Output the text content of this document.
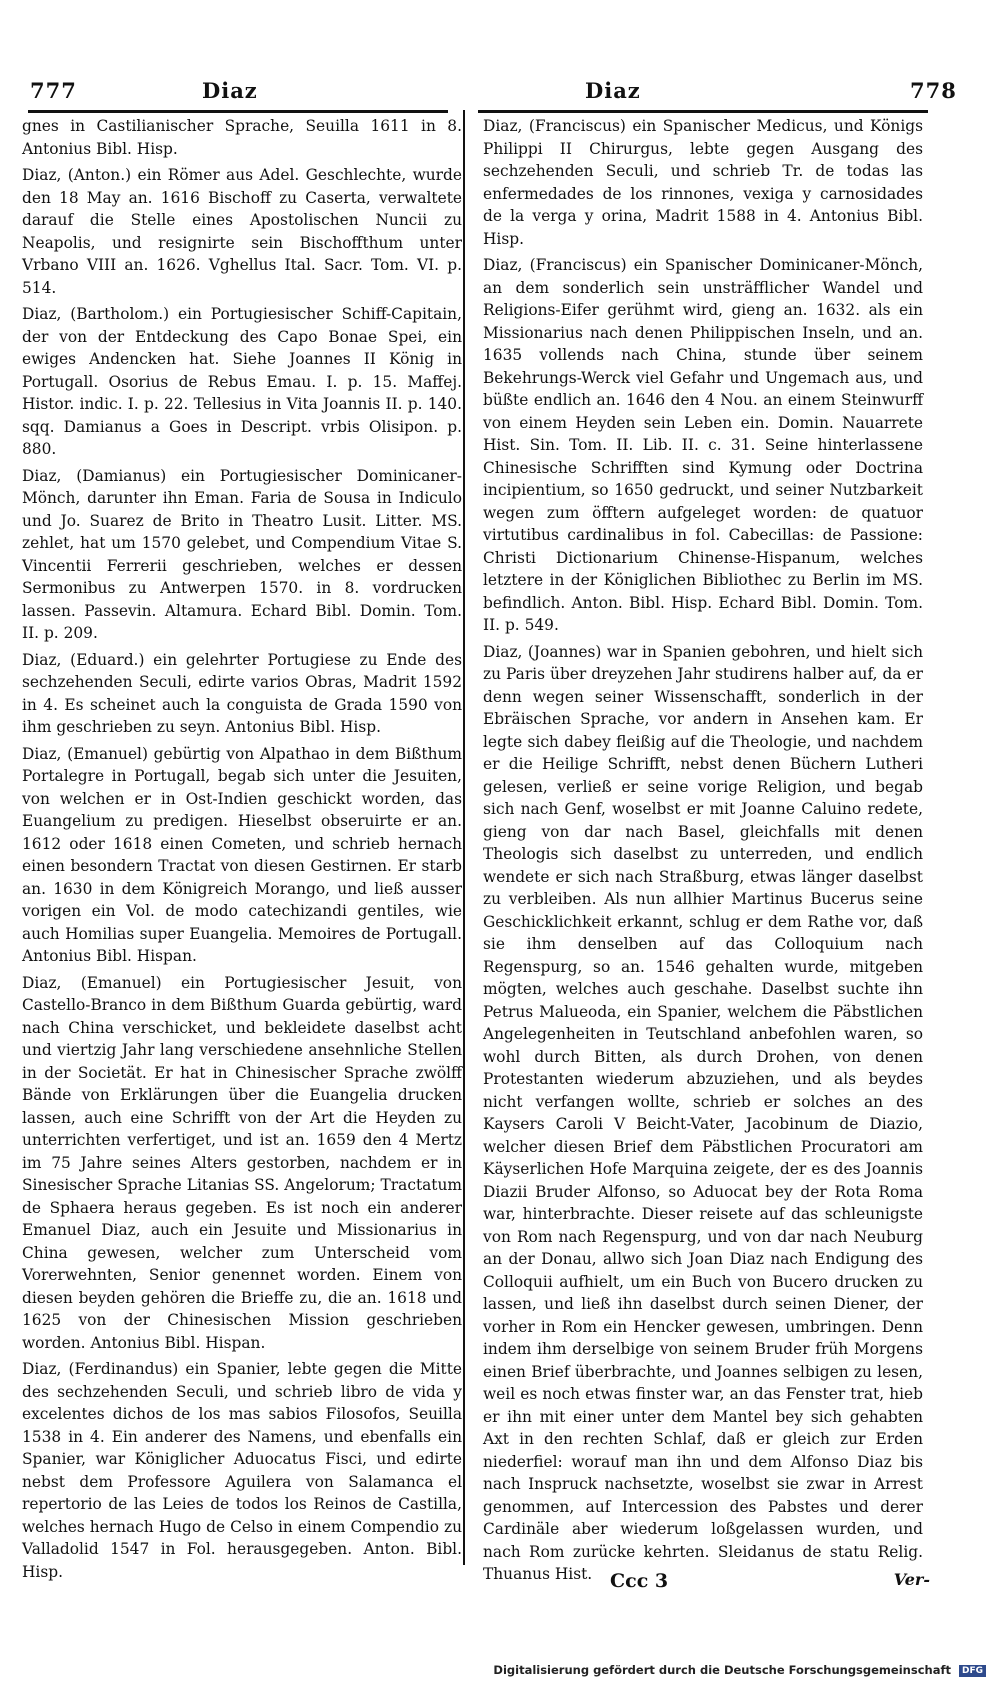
777	Diaz	Diaz	778

gnes in Castilianischer Sprache, Seuilla 1611 in 8. Antonius Bibl. Hisp.

Diaz, (Anton.) ein Römer aus Adel. Geschlechte, wurde den 18 May an. 1616 Bischoff zu Caserta, verwaltete darauf die Stelle eines Apostolischen Nuncii zu Neapolis, und resignirte sein Bischoffthum unter Vrbano VIII an. 1626. Vghellus Ital. Sacr. Tom. VI. p. 514.

Diaz, (Bartholom.) ein Portugiesischer Schiff-Capitain, der von der Entdeckung des Capo Bonae Spei, ein ewiges Andencken hat. Siehe Joannes II König in Portugall. Osorius de Rebus Emau. I. p. 15. Maffej. Histor. indic. I. p. 22. Tellesius in Vita Joannis II. p. 140. sqq. Damianus a Goes in Descript. vrbis Olisipon. p. 880.

Diaz, (Damianus) ein Portugiesischer Dominicaner-Mönch, darunter ihn Eman. Faria de Sousa in Indiculo und Jo. Suarez de Brito in Theatro Lusit. Litter. MS. zehlet, hat um 1570 gelebet, und Compendium Vitae S. Vincentii Ferrerii geschrieben, welches er dessen Sermonibus zu Antwerpen 1570. in 8. vordrucken lassen. Passevin. Altamura. Echard Bibl. Domin. Tom. II. p. 209.

Diaz, (Eduard.) ein gelehrter Portugiese zu Ende des sechzehenden Seculi, edirte varios Obras, Madrit 1592 in 4. Es scheinet auch la conguista de Grada 1590 von ihm geschrieben zu seyn. Antonius Bibl. Hisp.

Diaz, (Emanuel) gebürtig von Alpathao in dem Bißthum Portalegre in Portugall, begab sich unter die Jesuiten, von welchen er in Ost-Indien geschickt worden, das Euangelium zu predigen. Hieselbst obseruirte er an. 1612 oder 1618 einen Cometen, und schrieb hernach einen besondern Tractat von diesen Gestirnen. Er starb an. 1630 in dem Königreich Morango, und ließ ausser vorigen ein Vol. de modo catechizandi gentiles, wie auch Homilias super Euangelia. Memoires de Portugall. Antonius Bibl. Hispan.

Diaz, (Emanuel) ein Portugiesischer Jesuit, von Castello-Branco in dem Bißthum Guarda gebürtig, ward nach China verschicket, und bekleidete daselbst acht und viertzig Jahr lang verschiedene ansehnliche Stellen in der Societät. Er hat in Chinesischer Sprache zwölff Bände von Erklärungen über die Euangelia drucken lassen, auch eine Schrifft von der Art die Heyden zu unterrichten verfertiget, und ist an. 1659 den 4 Mertz im 75 Jahre seines Alters gestorben, nachdem er in Sinesischer Sprache Litanias SS. Angelorum; Tractatum de Sphaera heraus gegeben. Es ist noch ein anderer Emanuel Diaz, auch ein Jesuite und Missionarius in China gewesen, welcher zum Unterscheid vom Vorerwehnten, Senior genennet worden. Einem von diesen beyden gehören die Brieffe zu, die an. 1618 und 1625 von der Chinesischen Mission geschrieben worden. Antonius Bibl. Hispan.

Diaz, (Ferdinandus) ein Spanier, lebte gegen die Mitte des sechzehenden Seculi, und schrieb libro de vida y excelentes dichos de los mas sabios Filosofos, Seuilla 1538 in 4. Ein anderer des Namens, und ebenfalls ein Spanier, war Königlicher Aduocatus Fisci, und edirte nebst dem Professore Aguilera von Salamanca el repertorio de las Leies de todos los Reinos de Castilla, welches hernach Hugo de Celso in einem Compendio zu Valladolid 1547 in Fol. herausgegeben. Anton. Bibl. Hisp.

Diaz, (Franciscus) ein Spanischer Medicus, und Königs Philippi II Chirurgus, lebte gegen Ausgang des sechzehenden Seculi, und schrieb Tr. de todas las enfermedades de los rinnones, vexiga y carnosidades de la verga y orina, Madrit 1588 in 4. Antonius Bibl. Hisp.

Diaz, (Franciscus) ein Spanischer Dominicaner-Mönch, an dem sonderlich sein unsträfflicher Wandel und Religions-Eifer gerühmt wird, gieng an. 1632. als ein Missionarius nach denen Philippischen Inseln, und an. 1635 vollends nach China, stunde über seinem Bekehrungs-Werck viel Gefahr und Ungemach aus, und büßte endlich an. 1646 den 4 Nou. an einem Steinwurff von einem Heyden sein Leben ein. Domin. Nauarrete Hist. Sin. Tom. II. Lib. II. c. 31. Seine hinterlassene Chinesische Schrifften sind Kymung oder Doctrina incipientium, so 1650 gedruckt, und seiner Nutzbarkeit wegen zum öfftern aufgeleget worden: de quatuor virtutibus cardinalibus in fol. Cabecillas: de Passione: Christi Dictionarium Chinense-Hispanum, welches letztere in der Königlichen Bibliothec zu Berlin im MS. befindlich. Anton. Bibl. Hisp. Echard Bibl. Domin. Tom. II. p. 549.

Diaz, (Joannes) war in Spanien gebohren, und hielt sich zu Paris über dreyzehen Jahr studirens halber auf, da er denn wegen seiner Wissenschafft, sonderlich in der Ebräischen Sprache, vor andern in Ansehen kam. Er legte sich dabey fleißig auf die Theologie, und nachdem er die Heilige Schrifft, nebst denen Büchern Lutheri gelesen, verließ er seine vorige Religion, und begab sich nach Genf, woselbst er mit Joanne Caluino redete, gieng von dar nach Basel, gleichfalls mit denen Theologis sich daselbst zu unterreden, und endlich wendete er sich nach Straßburg, etwas länger daselbst zu verbleiben. Als nun allhier Martinus Bucerus seine Geschicklichkeit erkannt, schlug er dem Rathe vor, daß sie ihm denselben auf das Colloquium nach Regenspurg, so an. 1546 gehalten wurde, mitgeben mögten, welches auch geschahe. Daselbst suchte ihn Petrus Malueoda, ein Spanier, welchem die Päbstlichen Angelegenheiten in Teutschland anbefohlen waren, so wohl durch Bitten, als durch Drohen, von denen Protestanten wiederum abzuziehen, und als beydes nicht verfangen wollte, schrieb er solches an des Kaysers Caroli V Beicht-Vater, Jacobinum de Diazio, welcher diesen Brief dem Päbstlichen Procuratori am Käyserlichen Hofe Marquina zeigete, der es des Joannis Diazii Bruder Alfonso, so Aduocat bey der Rota Roma war, hinterbrachte. Dieser reisete auf das schleunigste von Rom nach Regenspurg, und von dar nach Neuburg an der Donau, allwo sich Joan Diaz nach Endigung des Colloquii aufhielt, um ein Buch von Bucero drucken zu lassen, und ließ ihn daselbst durch seinen Diener, der vorher in Rom ein Hencker gewesen, umbringen. Denn indem ihm derselbige von seinem Bruder früh Morgens einen Brief überbrachte, und Joannes selbigen zu lesen, weil es noch etwas finster war, an das Fenster trat, hieb er ihn mit einer unter dem Mantel bey sich gehabten Axt in den rechten Schlaf, daß er gleich zur Erden niederfiel: worauf man ihn und dem Alfonso Diaz bis nach Inspruck nachsetzte, woselbst sie zwar in Arrest genommen, auf Intercession des Pabstes und derer Cardinäle aber wiederum loßgelassen wurden, und nach Rom zurücke kehrten. Sleidanus de statu Relig. Thuanus Hist. Ccc 3	Ver-
Digitalisierung gefördert durch die Deutsche Forschungsgemeinschaft DFG
